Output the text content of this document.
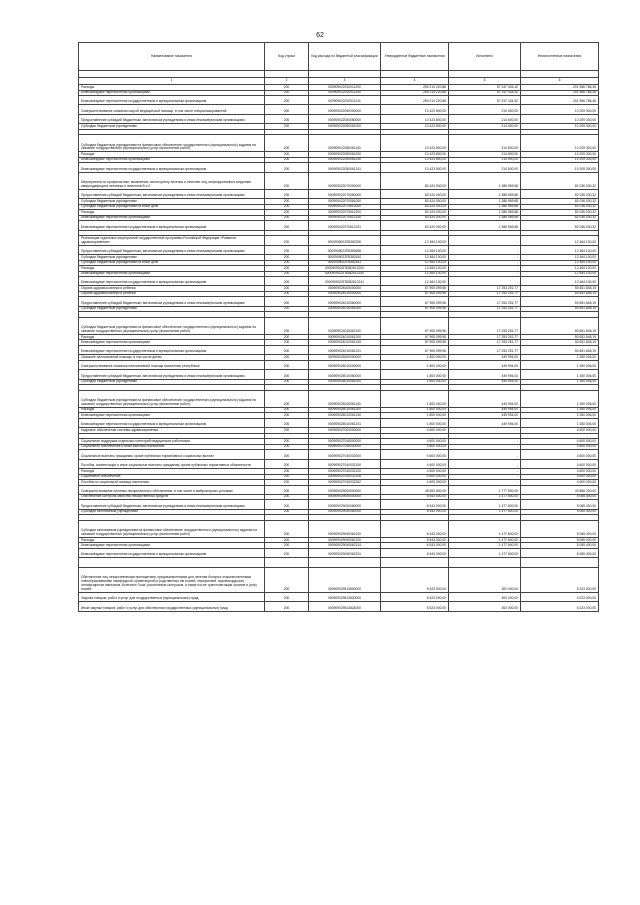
62
Наименование показателя	Код строки	Код расхода по бюджетной классификации	Утвержденные бюджетные назначения	Исполнено	Неисполненные назначения

1	2	3	4	5	6
Расходы	200	000909022010011200	259 214 220,88	57 247 434,42	201 966 786,46
Безвозмездные перечисления организациям	200	000909022010011240	259 214 220,88	57 247 434,42	201 966 786,46
Безвозмездные перечисления государственным и муниципальным организациям	200	000909022010011241	259 214 220,88	57 247 434,42	201 966 786,46
Совершенствование оказания скорой медицинской помощи, в том числе специализированной	200	000909022050000000	10 423 800,00	214 500,00	10 209 300,00
Предоставление субсидий бюджетным, автономным учреждениям и иным некоммерческим организациям	200	000909022050060000	10 423 800,00	214 500,00	10 209 300,00
Субсидии бюджетным учреждениям	200	000909022050061000	10 423 800,00	214 500,00	10 209 300,00

Субсидии бюджетным учреждениям на финансовое обеспечение государственного (муниципального) задания на оказание государственных (муниципальных) услуг (выполнение работ)	200	000909022050061100	10 423 800,00	214 500,00	10 209 300,00
Расходы	200	000909022050061200	10 423 800,00	214 500,00	10 209 300,00
Безвозмездные перечисления организациям	200	000909022050061240	10 423 800,00	214 500,00	10 209 300,00
Безвозмездные перечисления государственным и муниципальным организациям	200	000909022050061241	10 423 800,00	214 500,00	10 209 300,00
Мероприятия по профилактике, выявлению, мониторингу лечения и лечению лиц, инфицированных вирусами иммунодефицита человека и гепатитов B и C	200	000909022070000000	83 424 000,00	1 386 969,68	82 036 030,32
Предоставление субсидий бюджетным, автономным учреждениям и иным некоммерческим организациям	200	000909022070060000	83 424 000,00	1 386 969,68	82 036 030,32
Субсидии бюджетным учреждениям	200	000909022070061000	83 424 000,00	1 386 969,68	82 036 030,32
Субсидии бюджетным учреждениям на иные цели	200	000909022070612000	83 424 000,00	1 386 969,68	82 036 030,32
Расходы	200	000909022070612200	83 424 000,00	1 386 969,68	82 036 030,32
Безвозмездные перечисления организациям	200	000909022070612240	83 424 000,00	1 386 969,68	82 036 030,32
Безвозмездные перечисления государственным и муниципальным организациям	200	000909022070612241	83 424 000,00	1 386 969,68	82 036 030,32

Реализация отдельных мероприятий государственной программы Российской Федерации «Развитие здравоохранения»	200	0000909022П5382000	12 464 100,00	-	12 464 100,00
Предоставление субсидий бюджетным, автономным учреждениям и иным некоммерческим организациям	200	0000909022П5380600	12 464 100,00	-	12 464 100,00
Субсидии бюджетным учреждениям	200	0000909022П5382610	12 464 100,00	-	12 464 100,00
Субсидии бюджетным учреждениям на иные цели	200	0000909022П5382612	12 464 100,00	-	12 464 100,00
Расходы	200	0000909022П5382612200	12 464 100,00	-	12 464 100,00
Безвозмездные перечисления организациям	200	0000909022П5382612240	12 464 100,00	-	12 464 100,00
Безвозмездные перечисления государственным и муниципальным организациям	200	0000909022П5382612241	12 464 100,00	-	12 464 100,00
Охрана здоровья матери и ребенка	200	000909024000000000	67 905 099,96	17 253 251,77	50 651 848,19
Охрана здоровья матери и ребенка	200	000909024010000000	67 905 099,96	17 253 251,77	50 651 848,19
Предоставление субсидий бюджетным, автономным учреждениям и иным некоммерческим организациям	200	000909024010060000	67 905 099,96	17 253 251,77	50 651 848,19
Субсидии бюджетным учреждениям	200	000909024010061000	67 905 099,96	17 253 251,77	50 651 848,19

Субсидии бюджетным учреждениям на финансовое обеспечение государственного (муниципального) задания на оказание государственных (муниципальных) услуг (выполнение работ)	200	000909024010061100	67 905 099,96	17 253 251,77	50 651 848,19
Расходы	200	000909024010061200	67 905 099,96	17 253 251,77	50 651 848,19
Безвозмездные перечисления организациям	200	000909024010061240	67 905 099,96	17 253 251,77	50 651 848,19
Безвозмездные перечисления государственным и муниципальным организациям	200	000909024010061241	67 905 099,96	17 253 251,77	50 651 848,19
Оказание паллиативной помощи, в том числе детям	200	000909026000000000	1 800 000,00	449 994,00	1 350 006,00
Совершенствование оказания паллиативной помощи населению республики	200	000909026010000000	1 800 000,00	449 994,00	1 350 006,00
Предоставление субсидий бюджетным, автономным учреждениям и иным некоммерческим организациям	200	000909026010060000	1 800 000,00	449 994,00	1 350 006,00
Субсидии бюджетным учреждениям	200	000909026010061000	1 800 000,00	449 994,00	1 350 006,00

Субсидии бюджетным учреждениям на финансовое обеспечение государственного (муниципального) задания на оказание государственных (муниципальных) услуг (выполнение работ)	200	000909026010061100	1 800 000,00	449 994,00	1 350 006,00
Расходы	200	000909026010061200	1 800 000,00	449 994,00	1 350 006,00
Безвозмездные перечисления организациям	200	000909026010061240	1 800 000,00	449 994,00	1 350 006,00
Безвозмездные перечисления государственным и муниципальным организациям	200	000909026010061241	1 800 000,00	449 994,00	1 350 006,00
Кадровое обеспечение системы здравоохранения	200	000909027000000000	4 600 000,00	-	4 600 000,00

Социальная поддержка отдельных категорий медицинских работников	200	000909027040000000	4 600 000,00	-	4 600 000,00
Социальное обеспечение и иные выплаты населению	200	000909027040030000	4 600 000,00	-	4 600 000,00
Социальные выплаты гражданам, кроме публичных нормативных социальных выплат	200	000909027040032000	4 600 000,00	-	4 600 000,00
Пособия, компенсации и иные социальные выплаты гражданам, кроме публичных нормативных обязательств	200	000909027040032100	4 600 000,00	-	4 600 000,00
Расходы	200	000909027040032120	4 600 000,00	-	4 600 000,00
Социальное обеспечение	200	000909027040032126	4 600 000,00	-	4 600 000,00
Пособия по социальной помощи населению	200	000909027040032262	4 600 000,00	-	4 600 000,00
Совершенствование системы лекарственного обеспечения, в том числе в амбулаторных условиях	200	000909029000000000	45 653 500,00	1 777 500,00	43 886 200,00
Обеспечение контроля качества лекарственных средств	200	000909029040000000	6 543 000,00	1 477 600,00	5 065 400,00
Предоставление субсидий бюджетным, автономным учреждениям и иным некоммерческим организациям	200	000909029040060000	6 543 000,00	1 477 600,00	5 065 400,00
Субсидии автономным учреждениям	200	000909029040062000	6 543 000,00	1 477 600,00	5 065 400,00

Субсидии автономным учреждениям на финансовое обеспечение государственного (муниципального) задания на оказание государственных (муниципальных) услуг (выполнение работ)	200	000909029040062100	6 543 000,00	1 477 600,00	5 065 400,00
Расходы	200	000909029040062120	6 543 000,00	1 477 600,00	5 065 400,00
Безвозмездные перечисления организациям	200	000909029040062124	6 543 000,00	1 477 600,00	5 065 400,00
Безвозмездные перечисления государственным и муниципальным организациям	200	000909029040062241	6 543 000,00	1 477 600,00	5 065 400,00

Обеспечение лиц лекарственными препаратами, предназначенными для лечения больных злокачественными новообразованиями лимфоидной, кроветворной и родственных им тканей, гемофилией, муковисцидозом, гипофизарным нанизмом, болезнью Гоше, рассеянным склерозом, а также после трансплантации органов и (или) тканей	200	000909029513800000	5 523 000,00	300 000,00	5 223 000,00
Закупка товаров, работ и услуг для государственных (муниципальных) нужд	200	000909029513820000	5 523 000,00	300 000,00	5 223 000,00
Иные закупки товаров, работ и услуг для обеспечения государственных (муниципальных) нужд	200	000909029513824000	5 523 000,00	300 000,00	5 223 000,00
